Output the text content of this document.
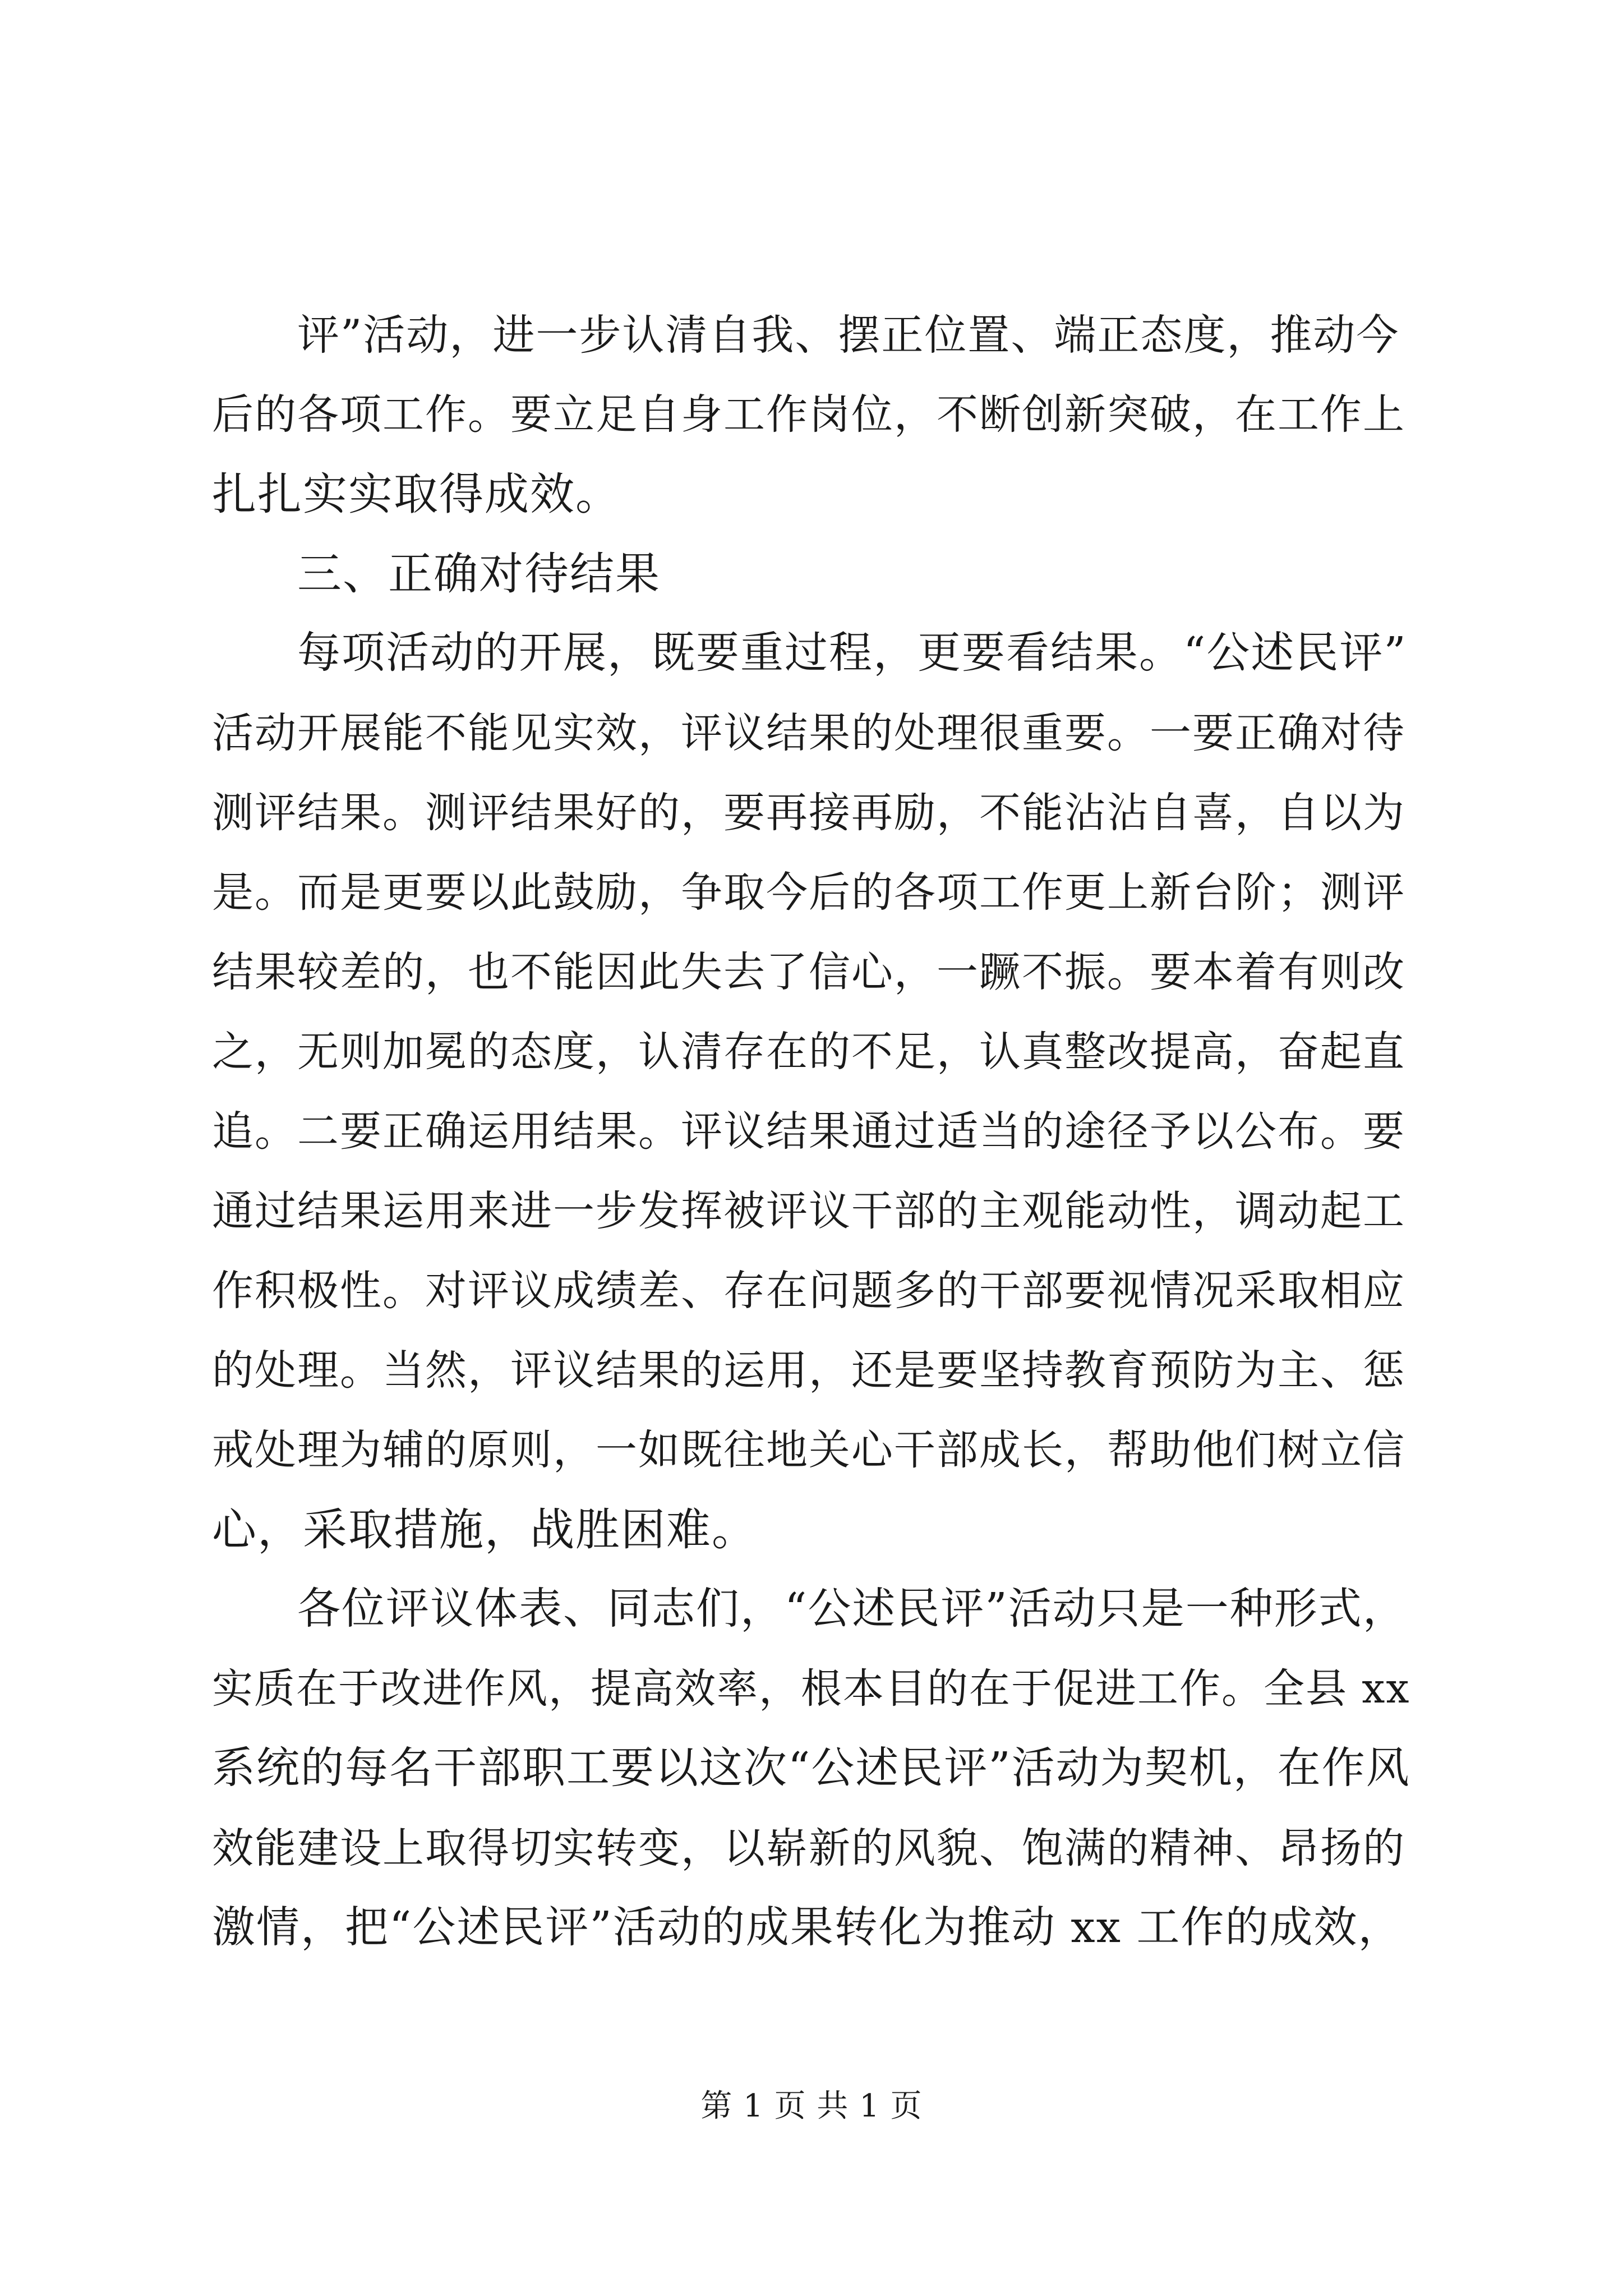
评”活动，进一步认清自我、摆正位置、端正态度，推动今
后的各项工作。要立足自身工作岗位，不断创新突破，在工作上
扎扎实实取得成效。
三、正确对待结果
每项活动的开展，既要重过程，更要看结果。“公述民评”
活动开展能不能见实效，评议结果的处理很重要。一要正确对待
测评结果。测评结果好的，要再接再励，不能沾沾自喜，自以为
是。而是更要以此鼓励，争取今后的各项工作更上新台阶；测评
结果较差的，也不能因此失去了信心，一蹶不振。要本着有则改
之，无则加冕的态度，认清存在的不足，认真整改提高，奋起直
追。二要正确运用结果。评议结果通过适当的途径予以公布。要
通过结果运用来进一步发挥被评议干部的主观能动性，调动起工
作积极性。对评议成绩差、存在问题多的干部要视情况采取相应
的处理。当然，评议结果的运用，还是要坚持教育预防为主、惩
戒处理为辅的原则，一如既往地关心干部成长，帮助他们树立信
心，采取措施，战胜困难。
各位评议体表、同志们，“公述民评”活动只是一种形式，
实质在于改进作风，提高效率，根本目的在于促进工作。全县 xx
系统的每名干部职工要以这次“公述民评”活动为契机，在作风
效能建设上取得切实转变，以崭新的风貌、饱满的精神、昂扬的
激情，把“公述民评”活动的成果转化为推动 xx 工作的成效，
第 1 页 共 1 页
